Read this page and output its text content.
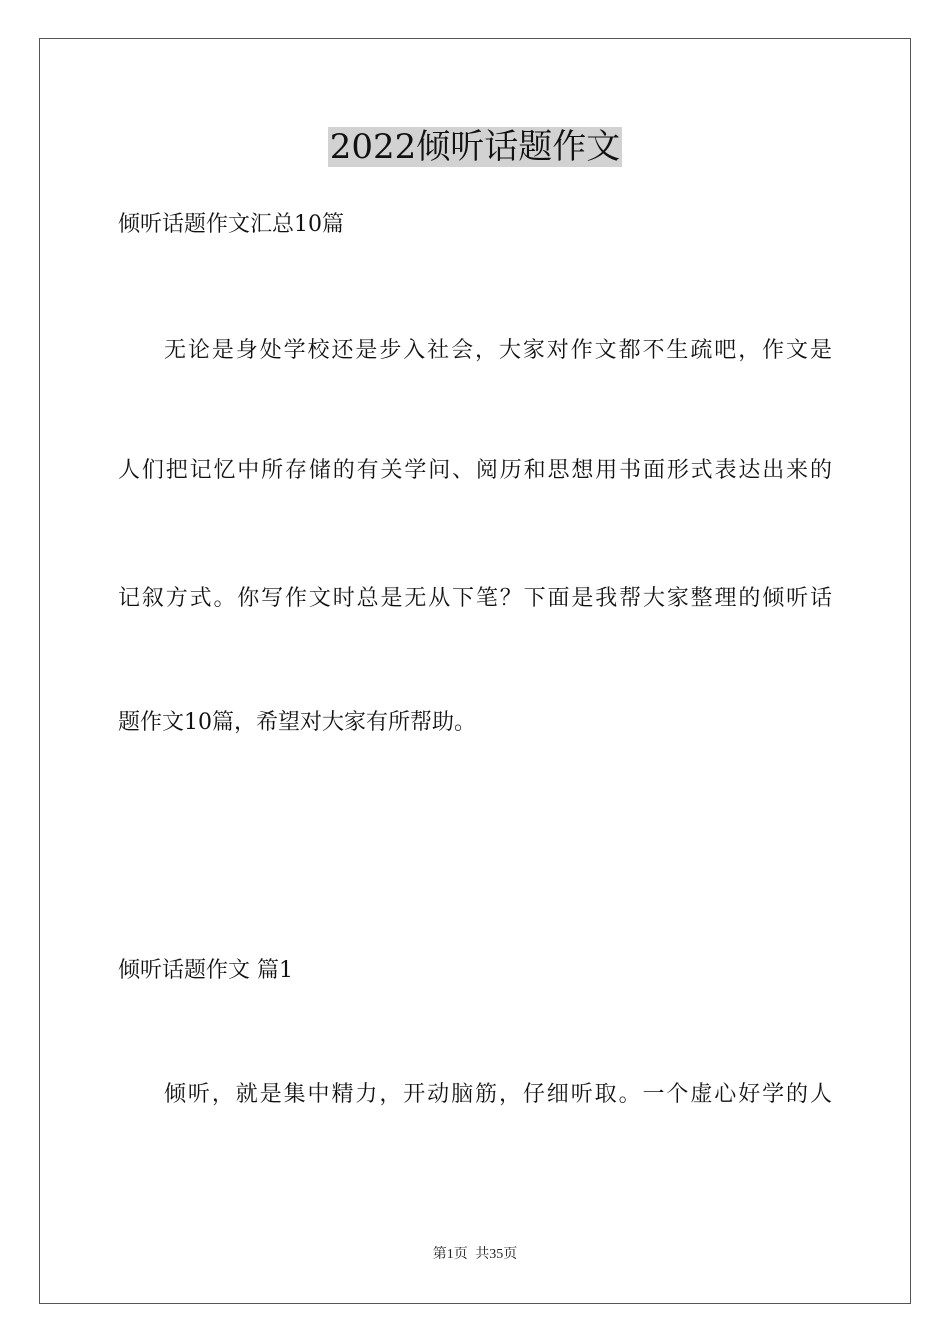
2022倾听话题作文
倾听话题作文汇总10篇
无论是身处学校还是步入社会，大家对作文都不生疏吧，作文是
人们把记忆中所存储的有关学问、阅历和思想用书面形式表达出来的
记叙方式。你写作文时总是无从下笔？下面是我帮大家整理的倾听话
题作文10篇，希望对大家有所帮助。
倾听话题作文 篇1
倾听，就是集中精力，开动脑筋，仔细听取。一个虚心好学的人
第1页 共35页
